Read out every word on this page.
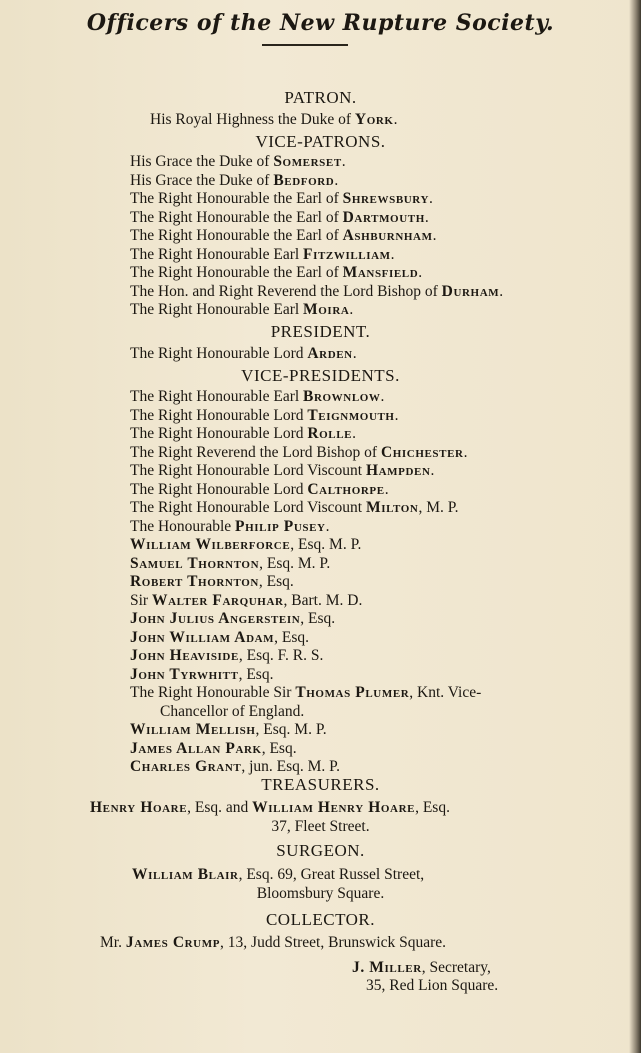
Officers of the New Rupture Society.
PATRON.
His Royal Highness the Duke of York.
VICE-PATRONS.
His Grace the Duke of Somerset.
His Grace the Duke of Bedford.
The Right Honourable the Earl of Shrewsbury.
The Right Honourable the Earl of Dartmouth.
The Right Honourable the Earl of Ashburnham.
The Right Honourable Earl Fitzwilliam.
The Right Honourable the Earl of Mansfield.
The Hon. and Right Reverend the Lord Bishop of Durham.
The Right Honourable Earl Moira.
PRESIDENT.
The Right Honourable Lord Arden.
VICE-PRESIDENTS.
The Right Honourable Earl Brownlow.
The Right Honourable Lord Teignmouth.
The Right Honourable Lord Rolle.
The Right Reverend the Lord Bishop of Chichester.
The Right Honourable Lord Viscount Hampden.
The Right Honourable Lord Calthorpe.
The Right Honourable Lord Viscount Milton, M. P.
The Honourable Philip Pusey.
William Wilberforce, Esq. M. P.
Samuel Thornton, Esq. M. P.
Robert Thornton, Esq.
Sir Walter Farquhar, Bart. M. D.
John Julius Angerstein, Esq.
John William Adam, Esq.
John Heaviside, Esq. F. R. S.
John Tyrwhitt, Esq.
The Right Honourable Sir Thomas Plumer, Knt. Vice-
Chancellor of England.
William Mellish, Esq. M. P.
James Allan Park, Esq.
Charles Grant, jun. Esq. M. P.
TREASURERS.
Henry Hoare, Esq. and William Henry Hoare, Esq.
37, Fleet Street.
SURGEON.
William Blair, Esq. 69, Great Russel Street,
Bloomsbury Square.
COLLECTOR.
Mr. James Crump, 13, Judd Street, Brunswick Square.
J. Miller, Secretary,
35, Red Lion Square.
